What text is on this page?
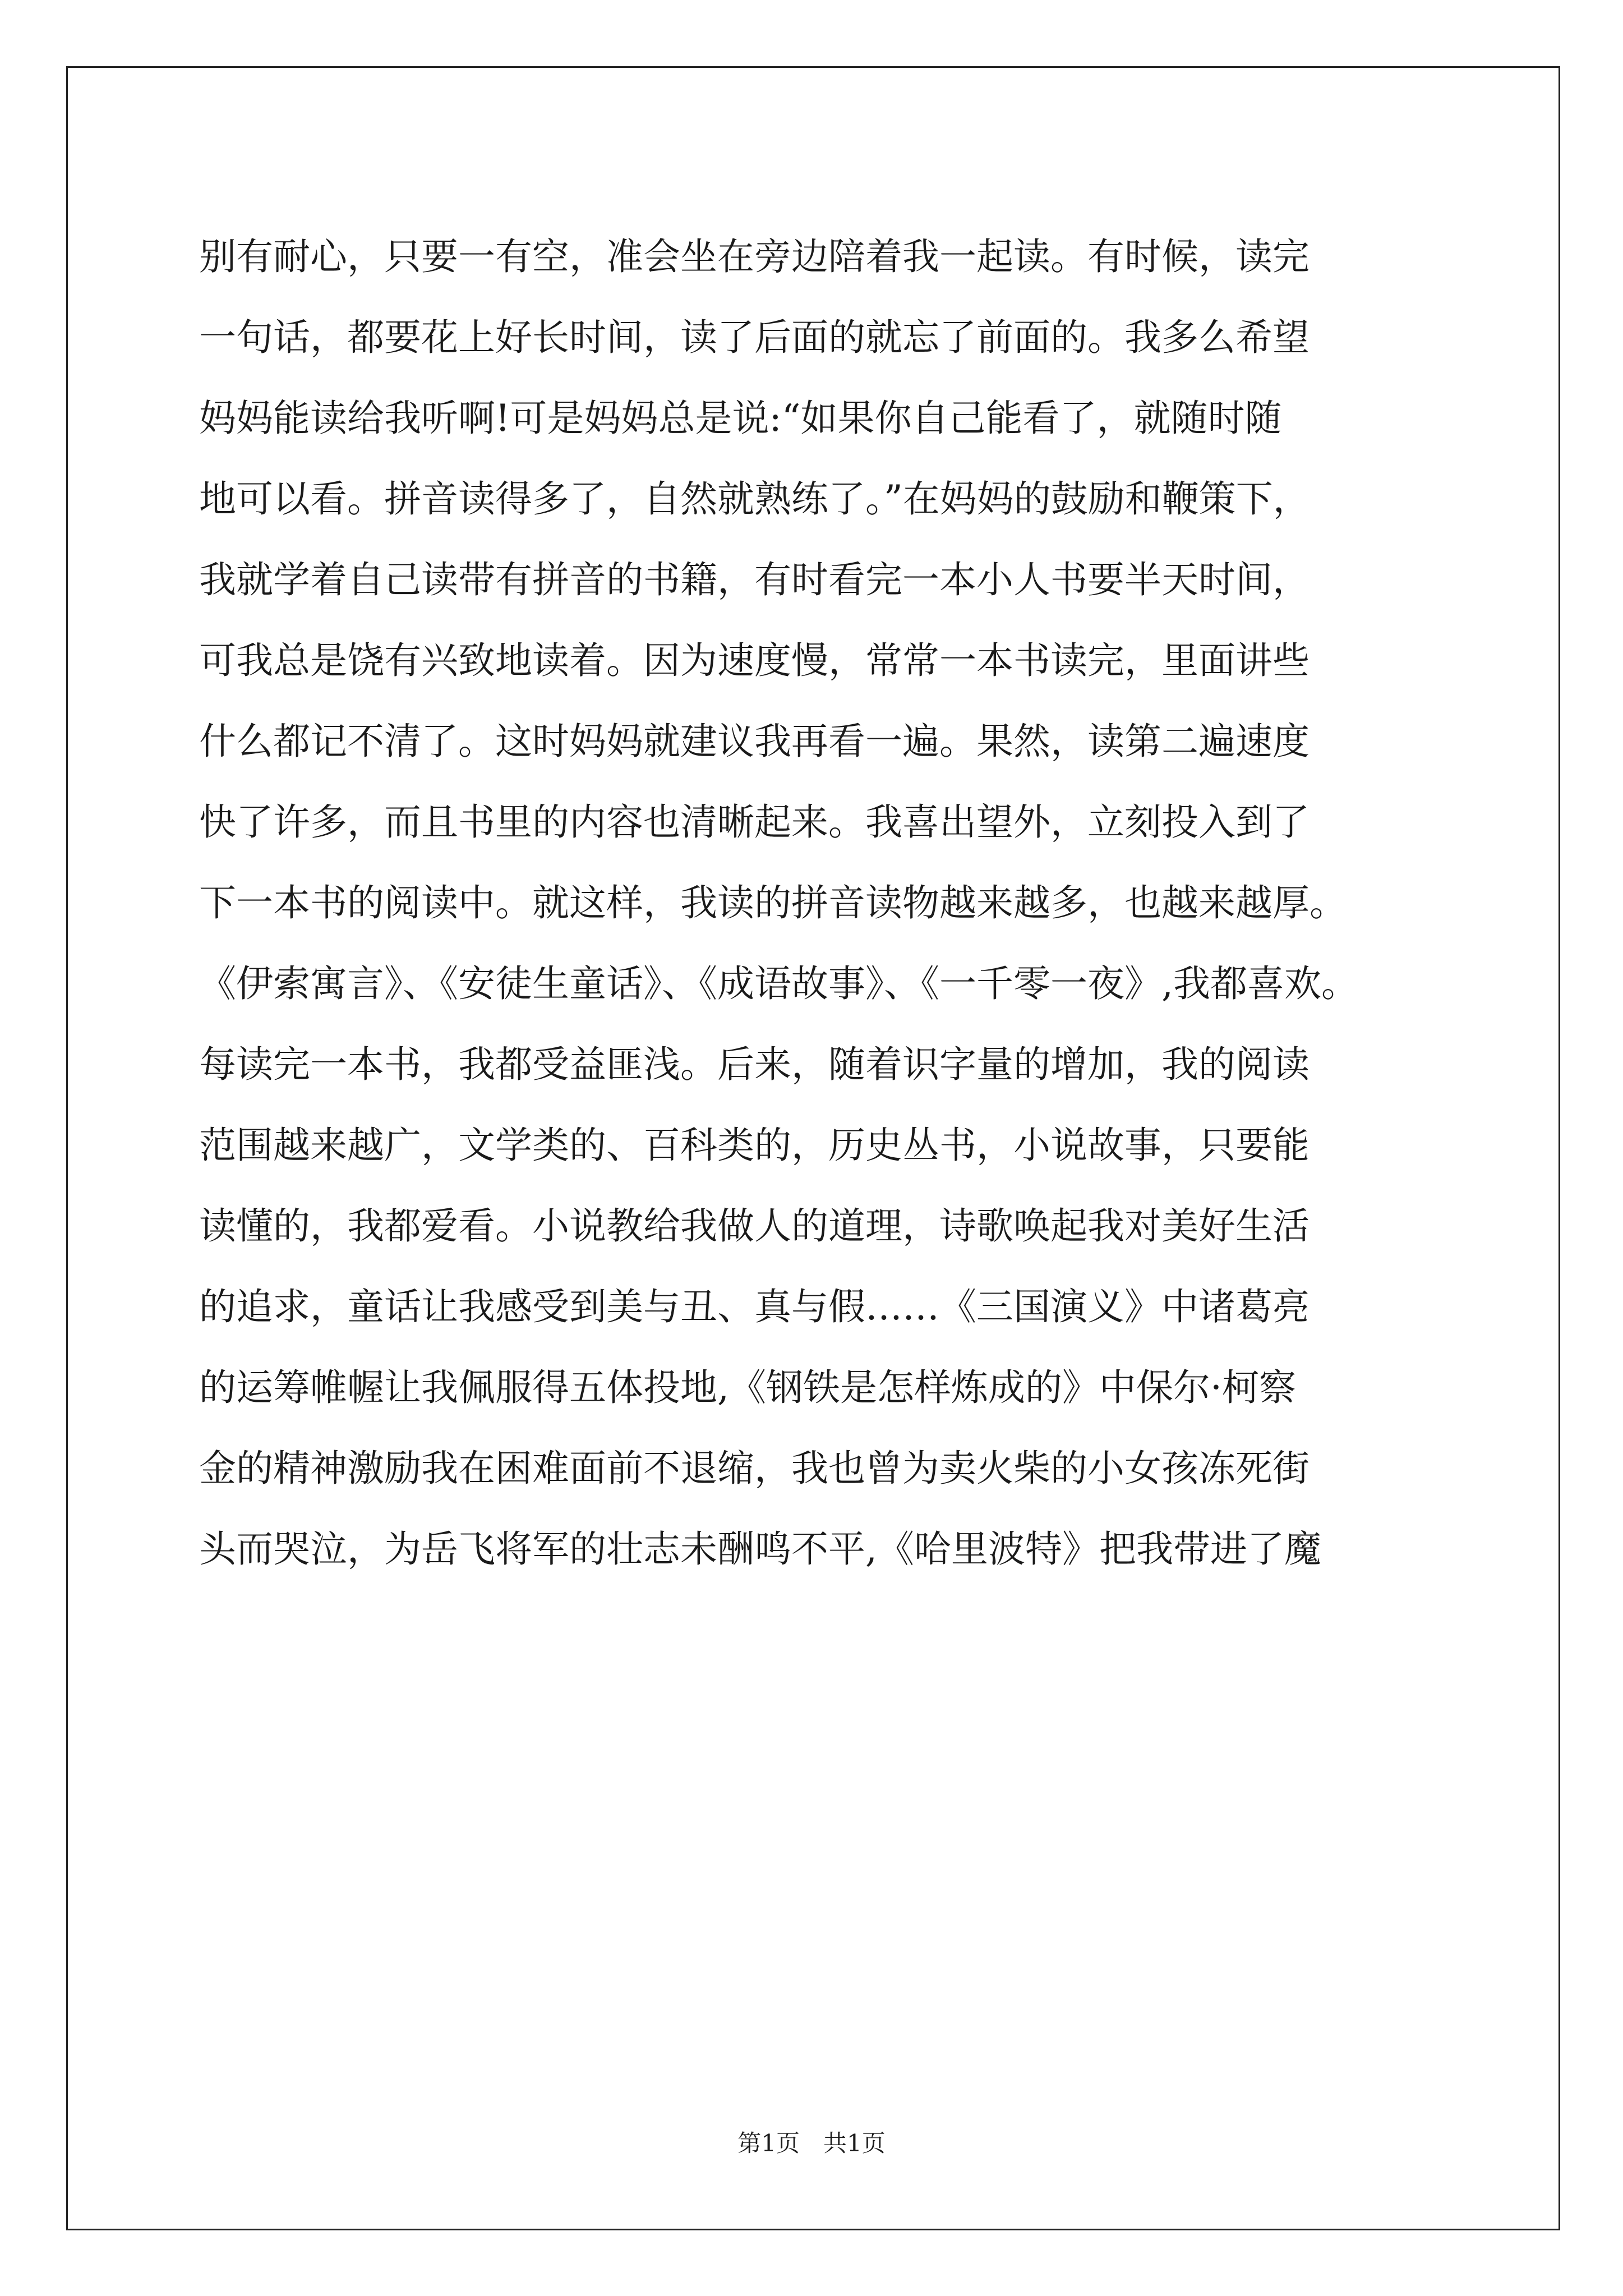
别有耐心，只要一有空，准会坐在旁边陪着我一起读。有时候，读完
一句话，都要花上好长时间，读了后面的就忘了前面的。我多么希望
妈妈能读给我听啊!可是妈妈总是说:“如果你自己能看了，就随时随
地可以看。拼音读得多了，自然就熟练了。”在妈妈的鼓励和鞭策下，
我就学着自己读带有拼音的书籍，有时看完一本小人书要半天时间，
可我总是饶有兴致地读着。因为速度慢，常常一本书读完，里面讲些
什么都记不清了。这时妈妈就建议我再看一遍。果然，读第二遍速度
快了许多，而且书里的内容也清晰起来。我喜出望外，立刻投入到了
下一本书的阅读中。就这样，我读的拼音读物越来越多，也越来越厚。
《伊索寓言》、《安徒生童话》、《成语故事》、《一千零一夜》,我都喜欢。
每读完一本书，我都受益匪浅。后来，随着识字量的增加，我的阅读
范围越来越广，文学类的、百科类的，历史丛书，小说故事，只要能
读懂的，我都爱看。小说教给我做人的道理，诗歌唤起我对美好生活
的追求，童话让我感受到美与丑、真与假……《三国演义》中诸葛亮
的运筹帷幄让我佩服得五体投地,《钢铁是怎样炼成的》中保尔·柯察
金的精神激励我在困难面前不退缩，我也曾为卖火柴的小女孩冻死街
头而哭泣，为岳飞将军的壮志未酬鸣不平,《哈里波特》把我带进了魔
第1页　共1页
